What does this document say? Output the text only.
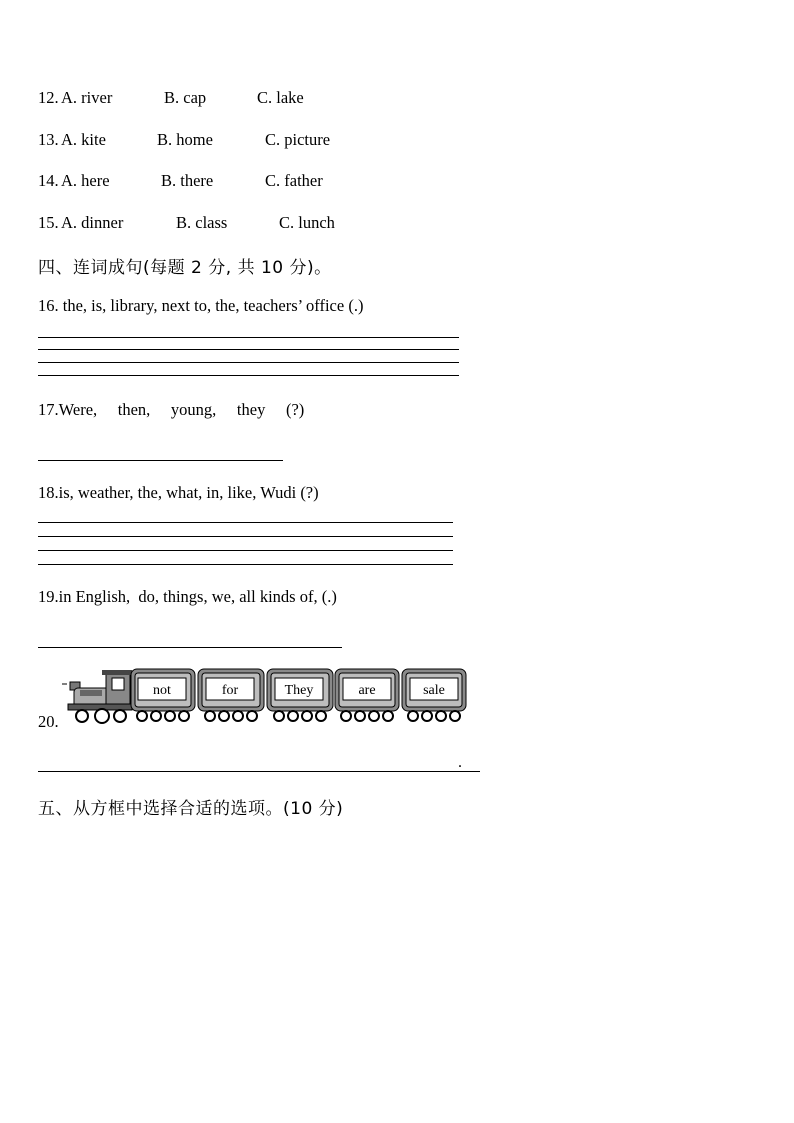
12. A. river	B. cap	C. lake
13. A. kite	B. home	C. picture
14. A. here	B. there	C. father
15. A. dinner	B. class	C. lunch
四、连词成句(每题 2 分, 共 10 分)。
16. the, is, library, next to, the, teachers’ office (.)
17.Were,     then,     young,     they     (?)
18.is, weather, the, what, in, like, Wudi (?)
19.in English,  do, things, we, all kinds of, (.)
20.
not	for	They	are	sale
.
五、从方框中选择合适的选项。(10 分)
